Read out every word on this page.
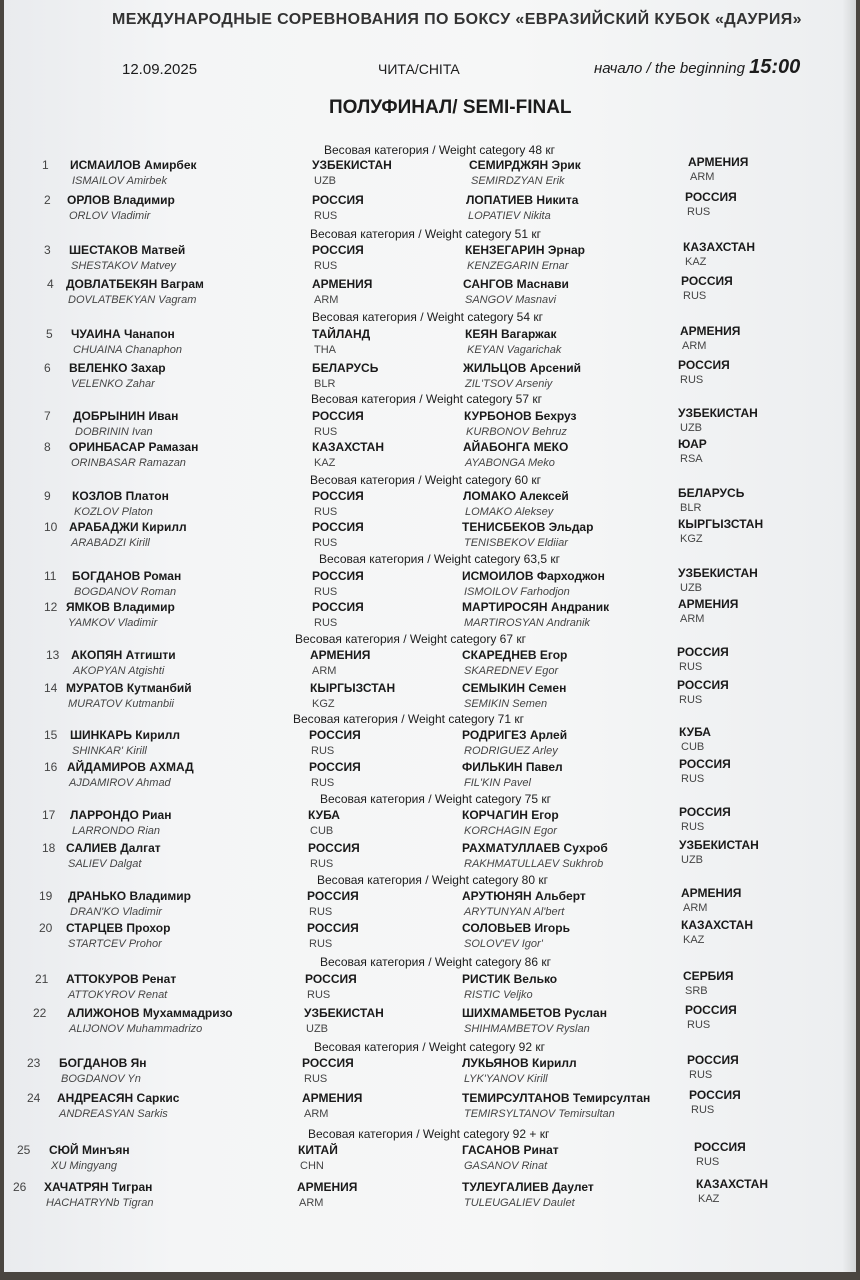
МЕЖДУНАРОДНЫЕ СОРЕВНОВАНИЯ ПО БОКСУ «ЕВРАЗИЙСКИЙ КУБОК «ДАУРИЯ»
12.09.2025	ЧИТА/CHITA	начало / the beginning 15:00
ПОЛУФИНАЛ/ SEMI-FINAL
Весовая категория / Weight category 48 кг
1 ИСМАИЛОВ Амирбек
ISMAILOV Amirbek
УЗБЕКИСТАН
UZB
СЕМИРДЖЯН Эрик
SEMIRDZYAN Erik
АРМЕНИЯ
ARM
2 ОРЛОВ Владимир
ORLOV Vladimir
РОССИЯ
RUS
ЛОПАТИЕВ Никита
LOPATIEV Nikita
РОССИЯ
RUS
Весовая категория / Weight category 51 кг
3 ШЕСТАКОВ Матвей
SHESTAKOV Matvey
РОССИЯ
RUS
КЕНЗЕГАРИН Эрнар
KENZEGARIN Ernar
КАЗАХСТАН
KAZ
4 ДОВЛАТБЕКЯН Ваграм
DOVLATBEKYAN Vagram
АРМЕНИЯ
ARM
САНГОВ Маснави
SANGOV Masnavi
РОССИЯ
RUS
Весовая категория / Weight category 54 кг
5 ЧУАИНА Чанапон
CHUAINA Chanaphon
ТАЙЛАНД
THA
КЕЯН Вагаржак
KEYAN Vagarichak
АРМЕНИЯ
ARM
6 ВЕЛЕНКО Захар
VELENKO Zahar
БЕЛАРУСЬ
BLR
ЖИЛЬЦОВ Арсений
ZIL'TSOV Arseniy
РОССИЯ
RUS
Весовая категория / Weight category 57 кг
7 ДОБРЫНИН Иван
DOBRININ Ivan
РОССИЯ
RUS
КУРБОНОВ Бехруз
KURBONOV Behruz
УЗБЕКИСТАН
UZB
8 ОРИНБАСАР Рамазан
ORINBASAR Ramazan
КАЗАХСТАН
KAZ
АЙАБОНГА МЕКО
AYABONGA Meko
ЮАР
RSA
Весовая категория / Weight category 60 кг
9 КОЗЛОВ Платон
KOZLOV Platon
РОССИЯ
RUS
ЛОМАКО Алексей
LOMAKO Aleksey
БЕЛАРУСЬ
BLR
10 АРАБАДЖИ Кирилл
ARABADZI Kirill
РОССИЯ
RUS
ТЕНИСБЕКОВ Эльдар
TENISBEKOV Eldiiar
КЫРГЫЗСТАН
KGZ
Весовая категория / Weight category 63,5 кг
11 БОГДАНОВ Роман
BOGDANOV Roman
РОССИЯ
RUS
ИСМОИЛОВ Фарходжон
ISMOILOV Farhodjon
УЗБЕКИСТАН
UZB
12 ЯМКОВ Владимир
YAMKOV Vladimir
РОССИЯ
RUS
МАРТИРОСЯН Андраник
MARTIROSYAN Andranik
АРМЕНИЯ
ARM
Весовая категория / Weight category 67 кг
13 АКОПЯН Атгишти
AKOPYAN Atgishti
АРМЕНИЯ
ARM
СКАРЕДНЕВ Егор
SKAREDNEV Egor
РОССИЯ
RUS
14 МУРАТОВ Кутманбий
MURATOV Kutmanbii
КЫРГЫЗСТАН
KGZ
СЕМЫКИН Семен
SEMIKIN Semen
РОССИЯ
RUS
Весовая категория / Weight category 71 кг
15 ШИНКАРЬ Кирилл
SHINKAR' Kirill
РОССИЯ
RUS
РОДРИГЕЗ Арлей
RODRIGUEZ Arley
КУБА
CUB
16 АЙДАМИРОВ АХМАД
AJDAMIROV Ahmad
РОССИЯ
RUS
ФИЛЬКИН Павел
FIL'KIN Pavel
РОССИЯ
RUS
Весовая категория / Weight category 75 кг
17 ЛАРРОНДО Риан
LARRONDO Rian
КУБА
CUB
КОРЧАГИН Егор
KORCHAGIN Egor
РОССИЯ
RUS
18 САЛИЕВ Далгат
SALIEV Dalgat
РОССИЯ
RUS
РАХМАТУЛЛАЕВ Сухроб
RAKHMATULLAEV Sukhrob
УЗБЕКИСТАН
UZB
Весовая категория / Weight category 80 кг
19 ДРАНЬКО Владимир
DRAN'KO Vladimir
РОССИЯ
RUS
АРУТЮНЯН Альберт
ARYTUNYAN Al'bert
АРМЕНИЯ
ARM
20 СТАРЦЕВ Прохор
STARTCEV Prohor
РОССИЯ
RUS
СОЛОВЬЕВ Игорь
SOLOV'EV Igor'
КАЗАХСТАН
KAZ
Весовая категория / Weight category 86 кг
21 АТТОКУРОВ Ренат
ATTOKYROV Renat
РОССИЯ
RUS
РИСТИК Велько
RISTIC Veljko
СЕРБИЯ
SRB
22 АЛИЖОНОВ Мухаммадризо
ALIJONOV Muhammadrizo
УЗБЕКИСТАН
UZB
ШИХМАМБЕТОВ Руслан
SHIHMAMBETOV Ryslan
РОССИЯ
RUS
Весовая категория / Weight category 92 кг
23 БОГДАНОВ Ян
BOGDANOV Yn
РОССИЯ
RUS
ЛУКЬЯНОВ Кирилл
LYK'YANOV Kirill
РОССИЯ
RUS
24 АНДРЕАСЯН Саркис
ANDREASYAN Sarkis
АРМЕНИЯ
ARM
ТЕМИРСУЛТАНОВ Темирсултан
TEMIRSYLTANOV Temirsultan
РОССИЯ
RUS
Весовая категория / Weight category 92 + кг
25 СЮЙ Минъян
XU Mingyang
КИТАЙ
CHN
ГАСАНОВ Ринат
GASANOV Rinat
РОССИЯ
RUS
26 ХАЧАТРЯН Тигран
HACHATRYNb Tigran
АРМЕНИЯ
ARM
ТУЛЕУГАЛИЕВ Даулет
TULEUGALIEV Daulet
КАЗАХСТАН
KAZ
